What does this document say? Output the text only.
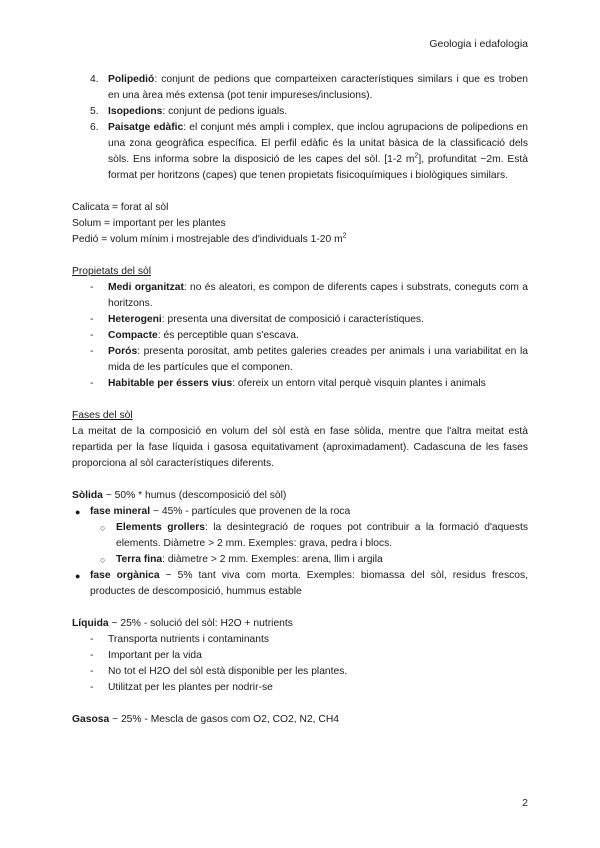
Geologia i edafologia
4. Polipedió: conjunt de pedions que comparteixen característiques similars i que es troben en una àrea més extensa (pot tenir impureses/inclusions).
5. Isopedions: conjunt de pedions iguals.
6. Paisatge edàfic: el conjunt més ampli i complex, que inclou agrupacions de polipedions en una zona geogràfica específica. El perfil edàfic és la unitat bàsica de la classificació dels sòls. Ens informa sobre la disposició de les capes del sòl. [1-2 $m^2$], profunditat ~2m. Està format per horitzons (capes) que tenen propietats fisicoquímiques i biològiques similars.
Calicata = forat al sòl
Solum = important per les plantes
Pedió = volum mínim i mostrejable des d'individuals 1-20 $m^2$
Propietats del sòl
- Medi organitzat: no és aleatori, es compon de diferents capes i substrats, coneguts com a horitzons.
- Heterogeni: presenta una diversitat de composició i característiques.
- Compacte: és perceptible quan s'escava.
- Porós: presenta porositat, amb petites galeries creades per animals i una variabilitat en la mida de les partícules que el componen.
- Habitable per éssers vius: ofereix un entorn vital perquè visquin plantes i animals
Fases del sòl
La meitat de la composició en volum del sòl està en fase sòlida, mentre que l'altra meitat està repartida per la fase líquida i gasosa equitativament (aproximadament). Cadascuna de les fases proporciona al sòl característiques diferents.
Sòlida ~ 50% * humus (descomposició del sòl)
● fase mineral ~ 45% - partícules que provenen de la roca
○ Elements grollers: la desintegració de roques pot contribuir a la formació d'aquests elements. Diàmetre > 2 mm. Exemples: grava, pedra i blocs.
○ Terra fina: diàmetre > 2 mm. Exemples: arena, llim i argila
● fase orgànica ~ 5% tant viva com morta. Exemples: biomassa del sòl, residus frescos, productes de descomposició, hummus estable
Líquida ~ 25% - solució del sòl: H2O + nutrients
- Transporta nutrients i contaminants
- Important per la vida
- No tot el H2O del sòl està disponible per les plantes.
- Utilitzat per les plantes per nodrir-se
Gasosa ~ 25% - Mescla de gasos com O2, CO2, N2, CH4
2
